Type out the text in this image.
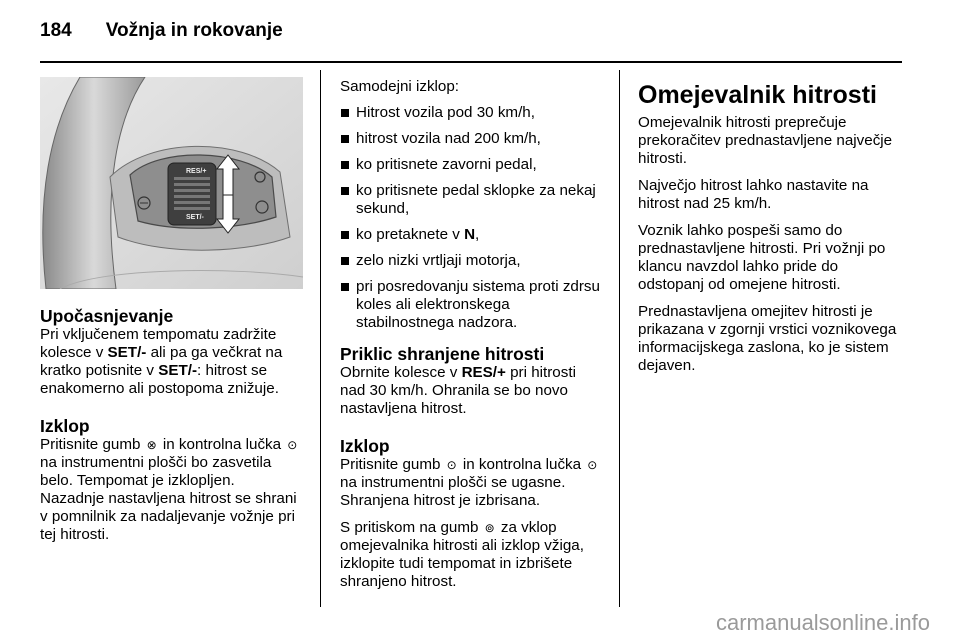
184 Vožnja in rokovanje
RES/+
SET/-
Upočasnjevanje

Pri vključenem tempomatu zadržite kolesce v SET/- ali pa ga večkrat na kratko potisnite v SET/-: hitrost se enakomerno ali postopoma znižuje.

Izklop

Pritisnite gumb ⊗ in kontrolna lučka ⊙ na instrumentni plošči bo zasvetila belo. Tempomat je izklopljen.

Nazadnje nastavljena hitrost se shrani v pomnilnik za nadaljevanje vožnje pri tej hitrosti.

Samodejni izklop:

Hitrost vozila pod 30 km/h,
hitrost vozila nad 200 km/h,
ko pritisnete zavorni pedal,
ko pritisnete pedal sklopke za nekaj sekund,
ko pretaknete v N,
zelo nizki vrtljaji motorja,
pri posredovanju sistema proti zdrsu koles ali elektronskega stabilnostnega nadzora.
Priklic shranjene hitrosti

Obrnite kolesce v RES/+ pri hitrosti nad 30 km/h. Ohranila se bo novo nastavljena hitrost.

Izklop

Pritisnite gumb ⊙ in kontrolna lučka ⊙ na instrumentni plošči se ugasne. Shranjena hitrost je izbrisana.

S pritiskom na gumb ⊚ za vklop omejevalnika hitrosti ali izklop vžiga, izklopite tudi tempomat in izbrišete shranjeno hitrost.

Omejevalnik hitrosti

Omejevalnik hitrosti preprečuje prekoračitev prednastavljene največje hitrosti.

Največjo hitrost lahko nastavite na hitrost nad 25 km/h.

Voznik lahko pospeši samo do prednastavljene hitrosti. Pri vožnji po klancu navzdol lahko pride do odstopanj od omejene hitrosti.

Prednastavljena omejitev hitrosti je prikazana v zgornji vrstici voznikovega informacijskega zaslona, ko je sistem dejaven.

carmanualsonline.info
